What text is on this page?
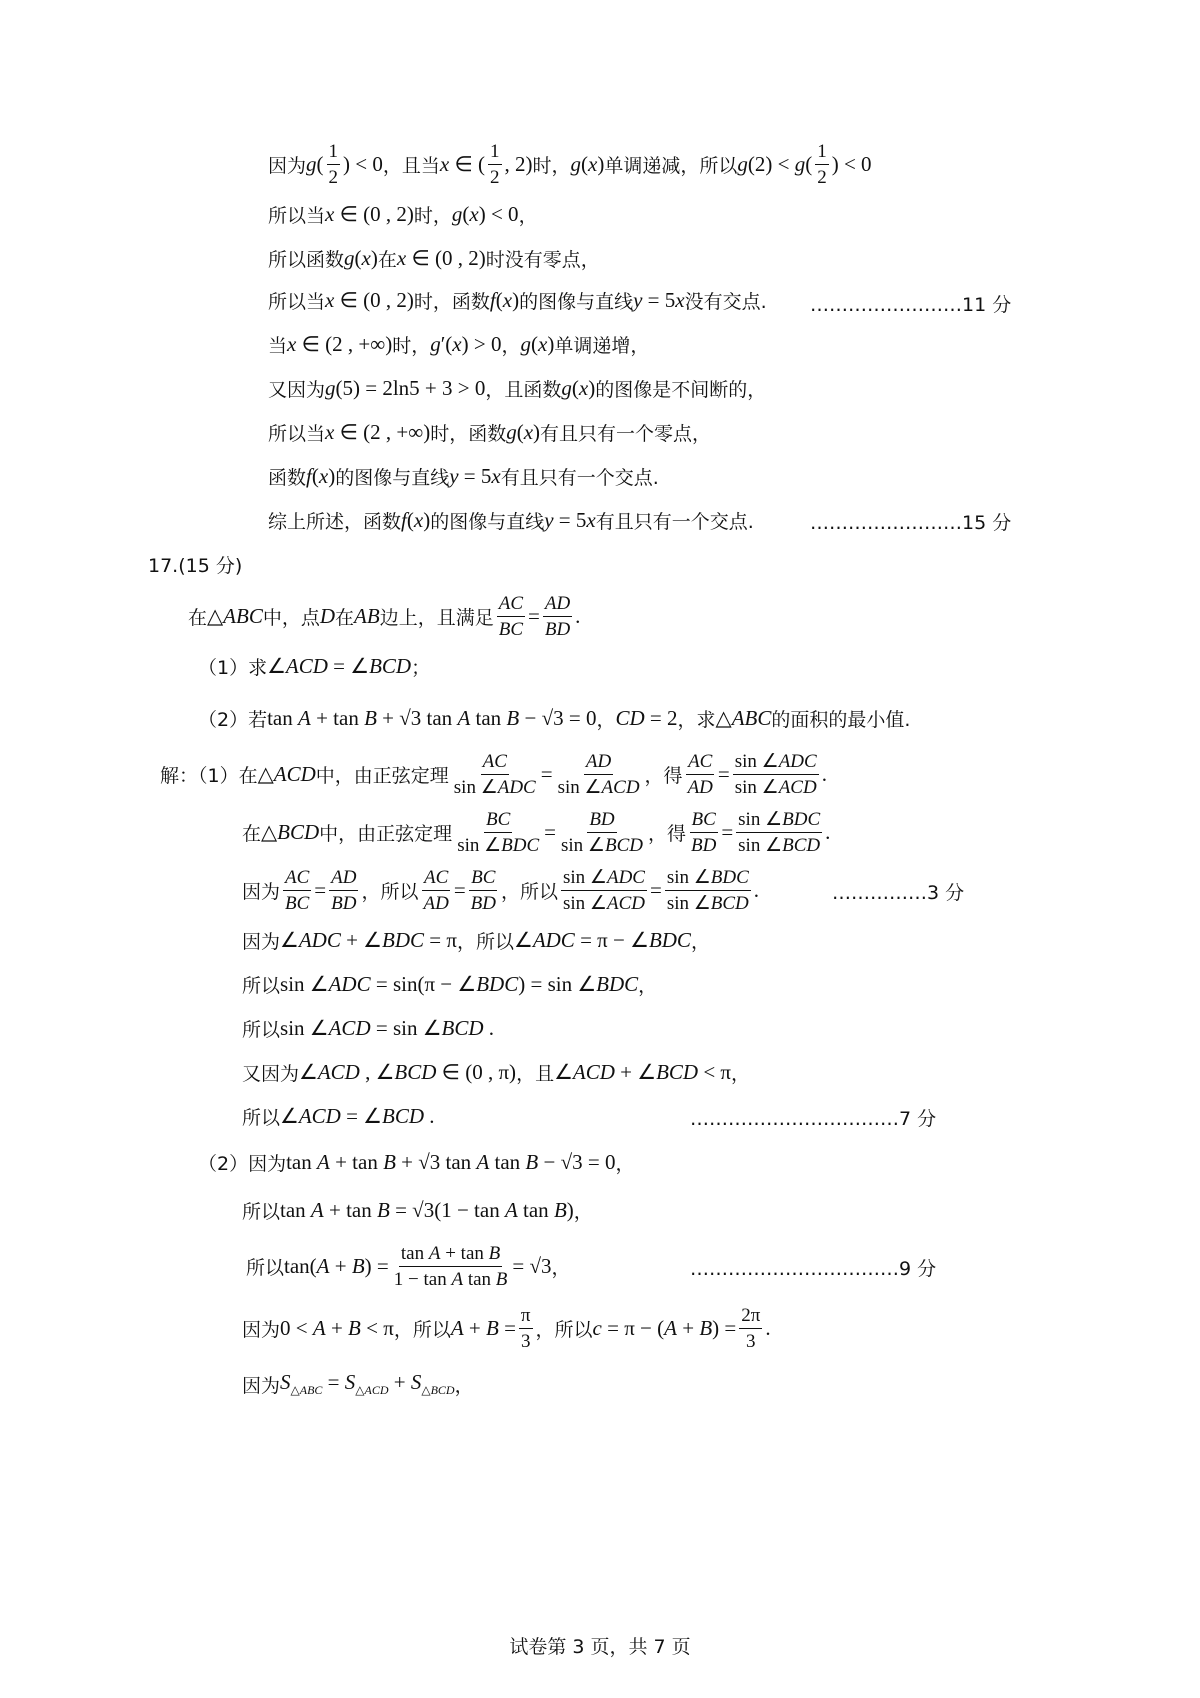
因为 $g( \frac{1}{2}$ ) < 0 ，且当 x ∈ ( $\frac{1}{2}$ , 2) 时， g(x) 单调递减，所以 $g(2) < g( \frac{1}{2}$ ) < 0
所以当 x ∈ (0 , 2) 时， g(x) < 0 ，
所以函数 g(x) 在 x ∈ (0 , 2) 时没有零点，
所以当 x ∈ (0 , 2) 时，函数 f(x) 的图像与直线 y = 5x 没有交点. ……………………11 分
当 x ∈ (2 , +∞) 时， g′(x) > 0 ， g(x) 单调递增，
又因为 g(5) = 2ln5 + 3 > 0 ，且函数 g(x) 的图像是不间断的，
所以当 x ∈ (2 , +∞) 时，函数 g(x) 有且只有一个零点，
函数 f(x) 的图像与直线 y = 5x 有且只有一个交点.
综上所述，函数 f(x) 的图像与直线 y = 5x 有且只有一个交点.	……………………15 分
17.(15 分)
在 △ABC 中，点 D 在 AB 边上，且满足 $\frac{AC}{BC} = \frac{AD}{BD}$ .
（1）求 ∠ACD = ∠BCD ；
（2）若 tan A + tan B + √3 tan A tan B − √3 = 0 ， CD = 2 ，求 △ABC 的面积的最小值.
解：（1）在 △ACD 中，由正弦定理 $\frac{AC}{\text{sin ∠ADC}} = \frac{AD}{\text{sin ∠ACD}}$ ，得 $\frac{AC}{AD} = \frac{\text{sin ∠ADC}}{\text{sin ∠ACD}}$ .
在 △BCD 中，由正弦定理 $\frac{BC}{\text{sin ∠BDC}} = \frac{BD}{\text{sin ∠BCD}}$ ，得 $\frac{BC}{BD} = \frac{\text{sin ∠BDC}}{\text{sin ∠BCD}}$ .
因为 $\frac{AC}{BC} = \frac{AD}{BD}$ ，所以 $\frac{AC}{AD} = \frac{BC}{BD}$ ，所以 $\frac{\text{sin ∠ADC}}{\text{sin ∠ACD}} = \frac{\text{sin ∠BDC}}{\text{sin ∠BCD}}$ .	……………3 分
因为 ∠ADC + ∠BDC = π ，所以 ∠ADC = π − ∠BDC ，
所以 sin ∠ADC = sin(π − ∠BDC) = sin ∠BDC ，
所以 sin ∠ACD = sin ∠BCD .
又因为 ∠ACD , ∠BCD ∈ (0 , π) ，且 ∠ACD + ∠BCD < π ，
所以 ∠ACD = ∠BCD .	……………………………7 分
（2）因为 tan A + tan B + √3 tan A tan B − √3 = 0 ，
所以 tan A + tan B = √3(1 − tan A tan B) ，
所以 $\tan(A + B) = \frac{\text{tan A + tan B}}{\text{1 − tan A tan B}} = √3$ ，	……………………………9 分
因为 0 < A + B < π ，所以 $A + B = \frac{\pi}{3}$ ，所以 $c = \pi - (A + B) = \frac{2\pi}{3}$ .
因为 $S_{\triangle ABC} = S_{\triangle ACD} + S_{\triangle BCD}$ ，
试卷第 3 页，共 7 页
